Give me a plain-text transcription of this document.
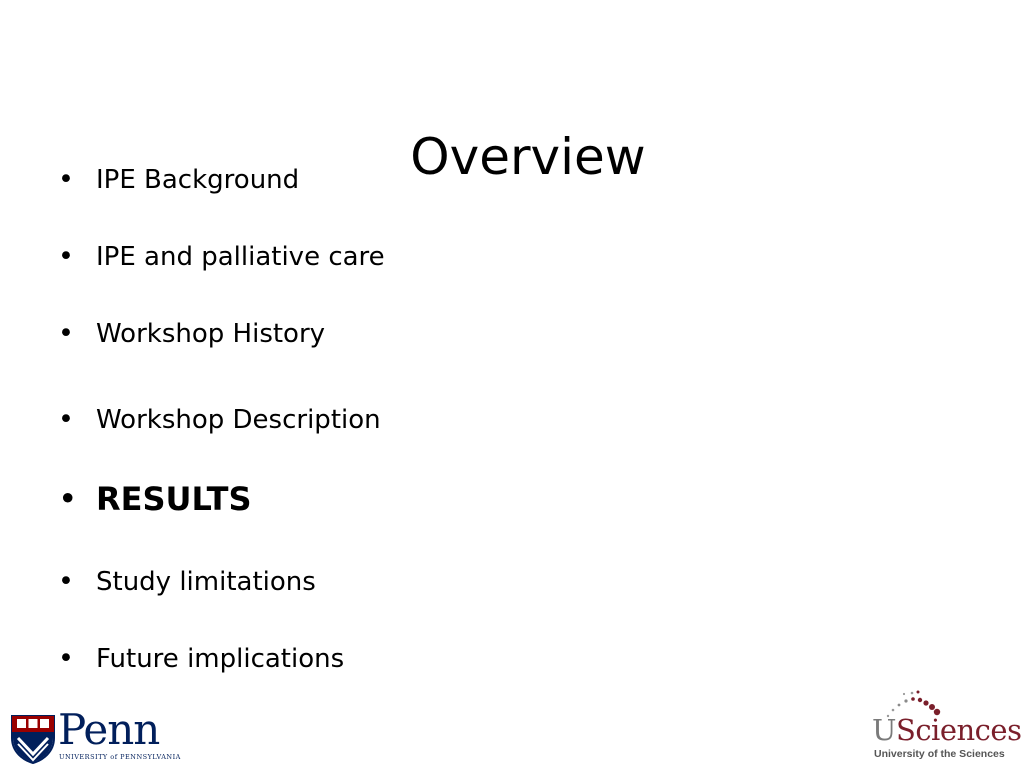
Overview
• IPE Background
• IPE and palliative care
• Workshop History
• Workshop Description
• RESULTS
• Study limitations
• Future implications
Penn
UNIVERSITY of PENNSYLVANIA
USciences
University of the Sciences
